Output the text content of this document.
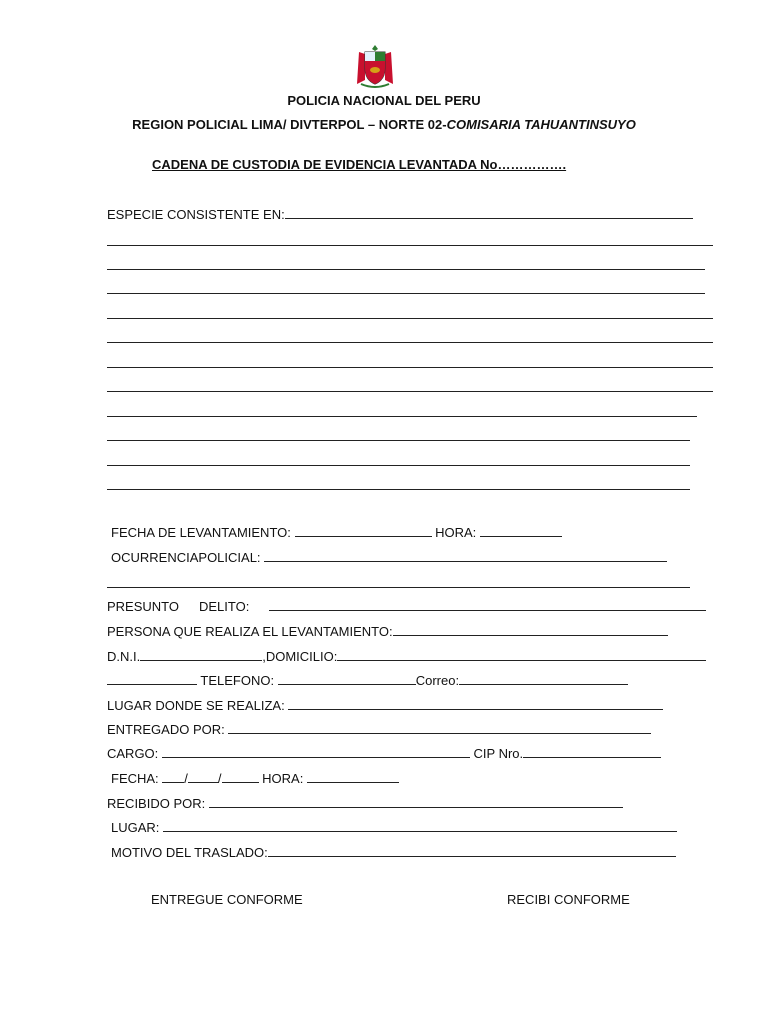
POLICIA NACIONAL DEL PERU
REGION POLICIAL LIMA/ DIVTERPOL – NORTE 02-COMISARIA TAHUANTINSUYO
CADENA DE CUSTODIA DE EVIDENCIA LEVANTADA No…………….
ESPECIE CONSISTENTE EN:
FECHA DE LEVANTAMIENTO:	HORA:
OCURRENCIAPOLICIAL:
PRESUNTO DELITO:
PERSONA QUE REALIZA EL LEVANTAMIENTO:
D.N.I.	,DOMICILIO:
TELEFONO:	Correo:
LUGAR DONDE SE REALIZA:
ENTREGADO POR:
CARGO:	CIP Nro.
FECHA: / /	HORA:
RECIBIDO POR:
LUGAR:
MOTIVO DEL TRASLADO:
ENTREGUE CONFORME	RECIBI CONFORME
